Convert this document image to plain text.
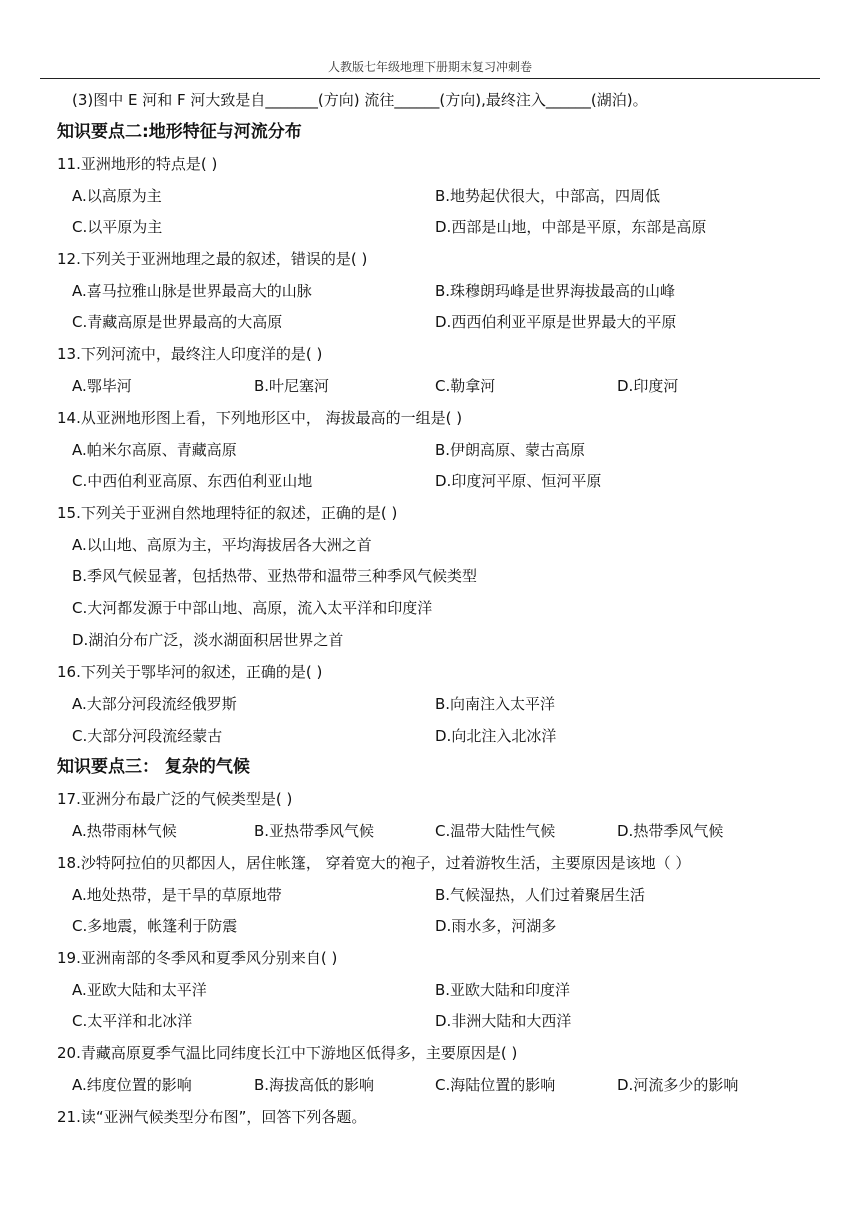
人教版七年级地理下册期末复习冲刺卷
(3)图中 E 河和 F 河大致是自_______(方向) 流往______(方向),最终注入______(湖泊)。
知识要点二:地形特征与河流分布
11.亚洲地形的特点是( )
A.以高原为主	B.地势起伏很大，中部高，四周低
C.以平原为主	D.西部是山地，中部是平原，东部是高原
12.下列关于亚洲地理之最的叙述，错误的是( )
A.喜马拉雅山脉是世界最高大的山脉	B.珠穆朗玛峰是世界海拔最高的山峰
C.青藏高原是世界最高的大高原	D.西西伯利亚平原是世界最大的平原
13.下列河流中，最终注人印度洋的是( )
A.鄂毕河	B.叶尼塞河	C.勒拿河	D.印度河
14.从亚洲地形图上看，下列地形区中， 海拔最高的一组是( )
A.帕米尔高原、青藏高原	B.伊朗高原、蒙古高原
C.中西伯利亚高原、东西伯利亚山地	D.印度河平原、恒河平原
15.下列关于亚洲自然地理特征的叙述，正确的是( )
A.以山地、高原为主，平均海拔居各大洲之首
B.季风气候显著，包括热带、亚热带和温带三种季风气候类型
C.大河都发源于中部山地、高原，流入太平洋和印度洋
D.湖泊分布广泛，淡水湖面积居世界之首
16.下列关于鄂毕河的叙述，正确的是( )
A.大部分河段流经俄罗斯	B.向南注入太平洋
C.大部分河段流经蒙古	D.向北注入北冰洋
知识要点三： 复杂的气候
17.亚洲分布最广泛的气候类型是( )
A.热带雨林气候	B.亚热带季风气候	C.温带大陆性气候	D.热带季风气候
18.沙特阿拉伯的贝都因人，居住帐篷， 穿着宽大的袍子，过着游牧生活，主要原因是该地（ ）
A.地处热带，是干旱的草原地带	B.气候湿热，人们过着聚居生活
C.多地震，帐篷利于防震	D.雨水多，河湖多
19.亚洲南部的冬季风和夏季风分别来自( )
A.亚欧大陆和太平洋	B.亚欧大陆和印度洋
C.太平洋和北冰洋	D.非洲大陆和大西洋
20.青藏高原夏季气温比同纬度长江中下游地区低得多，主要原因是( )
A.纬度位置的影响	B.海拔高低的影响	C.海陆位置的影响	D.河流多少的影响
21.读“亚洲气候类型分布图”，回答下列各题。
